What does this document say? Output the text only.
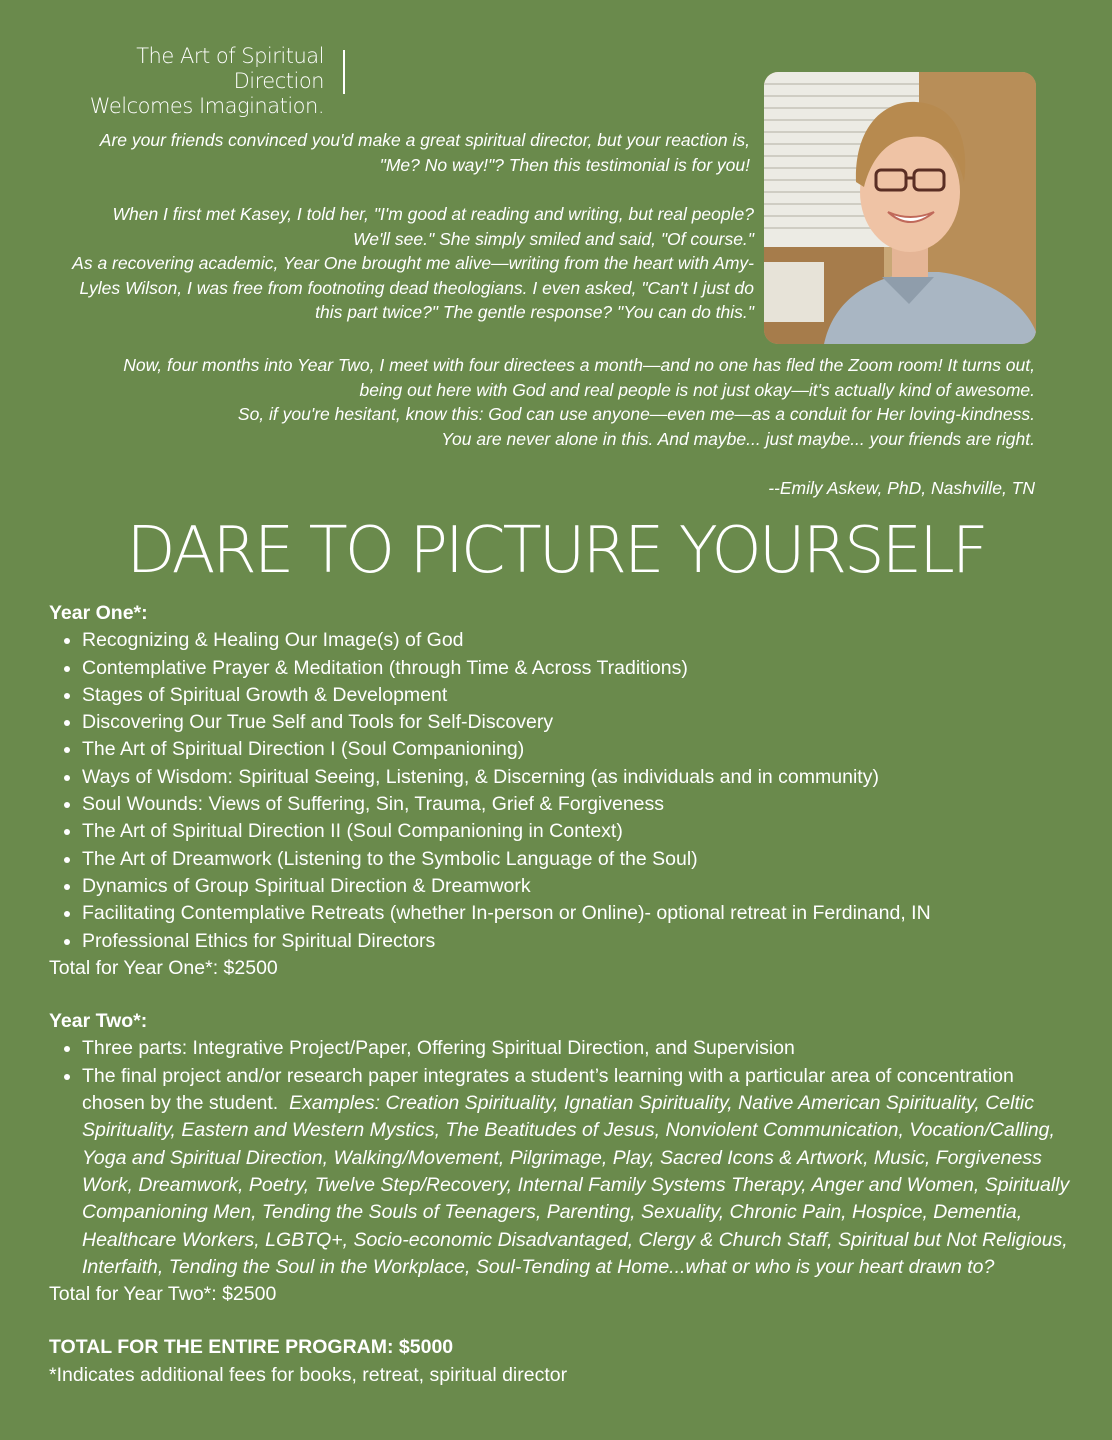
The Art of Spiritual Direction
Welcomes Imagination.
Are your friends convinced you'd make a great spiritual director, but your reaction is,
"Me? No way!"? Then this testimonial is for you!
When I first met Kasey, I told her, "I'm good at reading and writing, but real people?
We'll see." She simply smiled and said, "Of course."
As a recovering academic, Year One brought me alive—writing from the heart with Amy-
Lyles Wilson, I was free from footnoting dead theologians. I even asked, "Can't I just do
this part twice?" The gentle response? "You can do this."
Now, four months into Year Two, I meet with four directees a month—and no one has fled the Zoom room! It turns out,
being out here with God and real people is not just okay—it's actually kind of awesome.
So, if you're hesitant, know this: God can use anyone—even me—as a conduit for Her loving-kindness.
You are never alone in this. And maybe... just maybe... your friends are right.
--Emily Askew, PhD, Nashville, TN
DARE TO PICTURE YOURSELF
Year One*:
• Recognizing & Healing Our Image(s) of God
• Contemplative Prayer & Meditation (through Time & Across Traditions)
• Stages of Spiritual Growth & Development
• Discovering Our True Self and Tools for Self-Discovery
• The Art of Spiritual Direction I (Soul Companioning)
• Ways of Wisdom: Spiritual Seeing, Listening, & Discerning (as individuals and in community)
• Soul Wounds: Views of Suffering, Sin, Trauma, Grief & Forgiveness
• The Art of Spiritual Direction II (Soul Companioning in Context)
• The Art of Dreamwork (Listening to the Symbolic Language of the Soul)
• Dynamics of Group Spiritual Direction & Dreamwork
• Facilitating Contemplative Retreats (whether In-person or Online)- optional retreat in Ferdinand, IN
• Professional Ethics for Spiritual Directors
Total for Year One*: $2500
Year Two*:
• Three parts: Integrative Project/Paper, Offering Spiritual Direction, and Supervision
• The final project and/or research paper integrates a student’s learning with a particular area of concentration chosen by the student. Examples: Creation Spirituality, Ignatian Spirituality, Native American Spirituality, Celtic Spirituality, Eastern and Western Mystics, The Beatitudes of Jesus, Nonviolent Communication, Vocation/Calling, Yoga and Spiritual Direction, Walking/Movement, Pilgrimage, Play, Sacred Icons & Artwork, Music, Forgiveness Work, Dreamwork, Poetry, Twelve Step/Recovery, Internal Family Systems Therapy, Anger and Women, Spiritually Companioning Men, Tending the Souls of Teenagers, Parenting, Sexuality, Chronic Pain, Hospice, Dementia, Healthcare Workers, LGBTQ+, Socio-economic Disadvantaged, Clergy & Church Staff, Spiritual but Not Religious, Interfaith, Tending the Soul in the Workplace, Soul-Tending at Home...what or who is your heart drawn to?
Total for Year Two*: $2500
TOTAL FOR THE ENTIRE PROGRAM: $5000
*Indicates additional fees for books, retreat, spiritual director
